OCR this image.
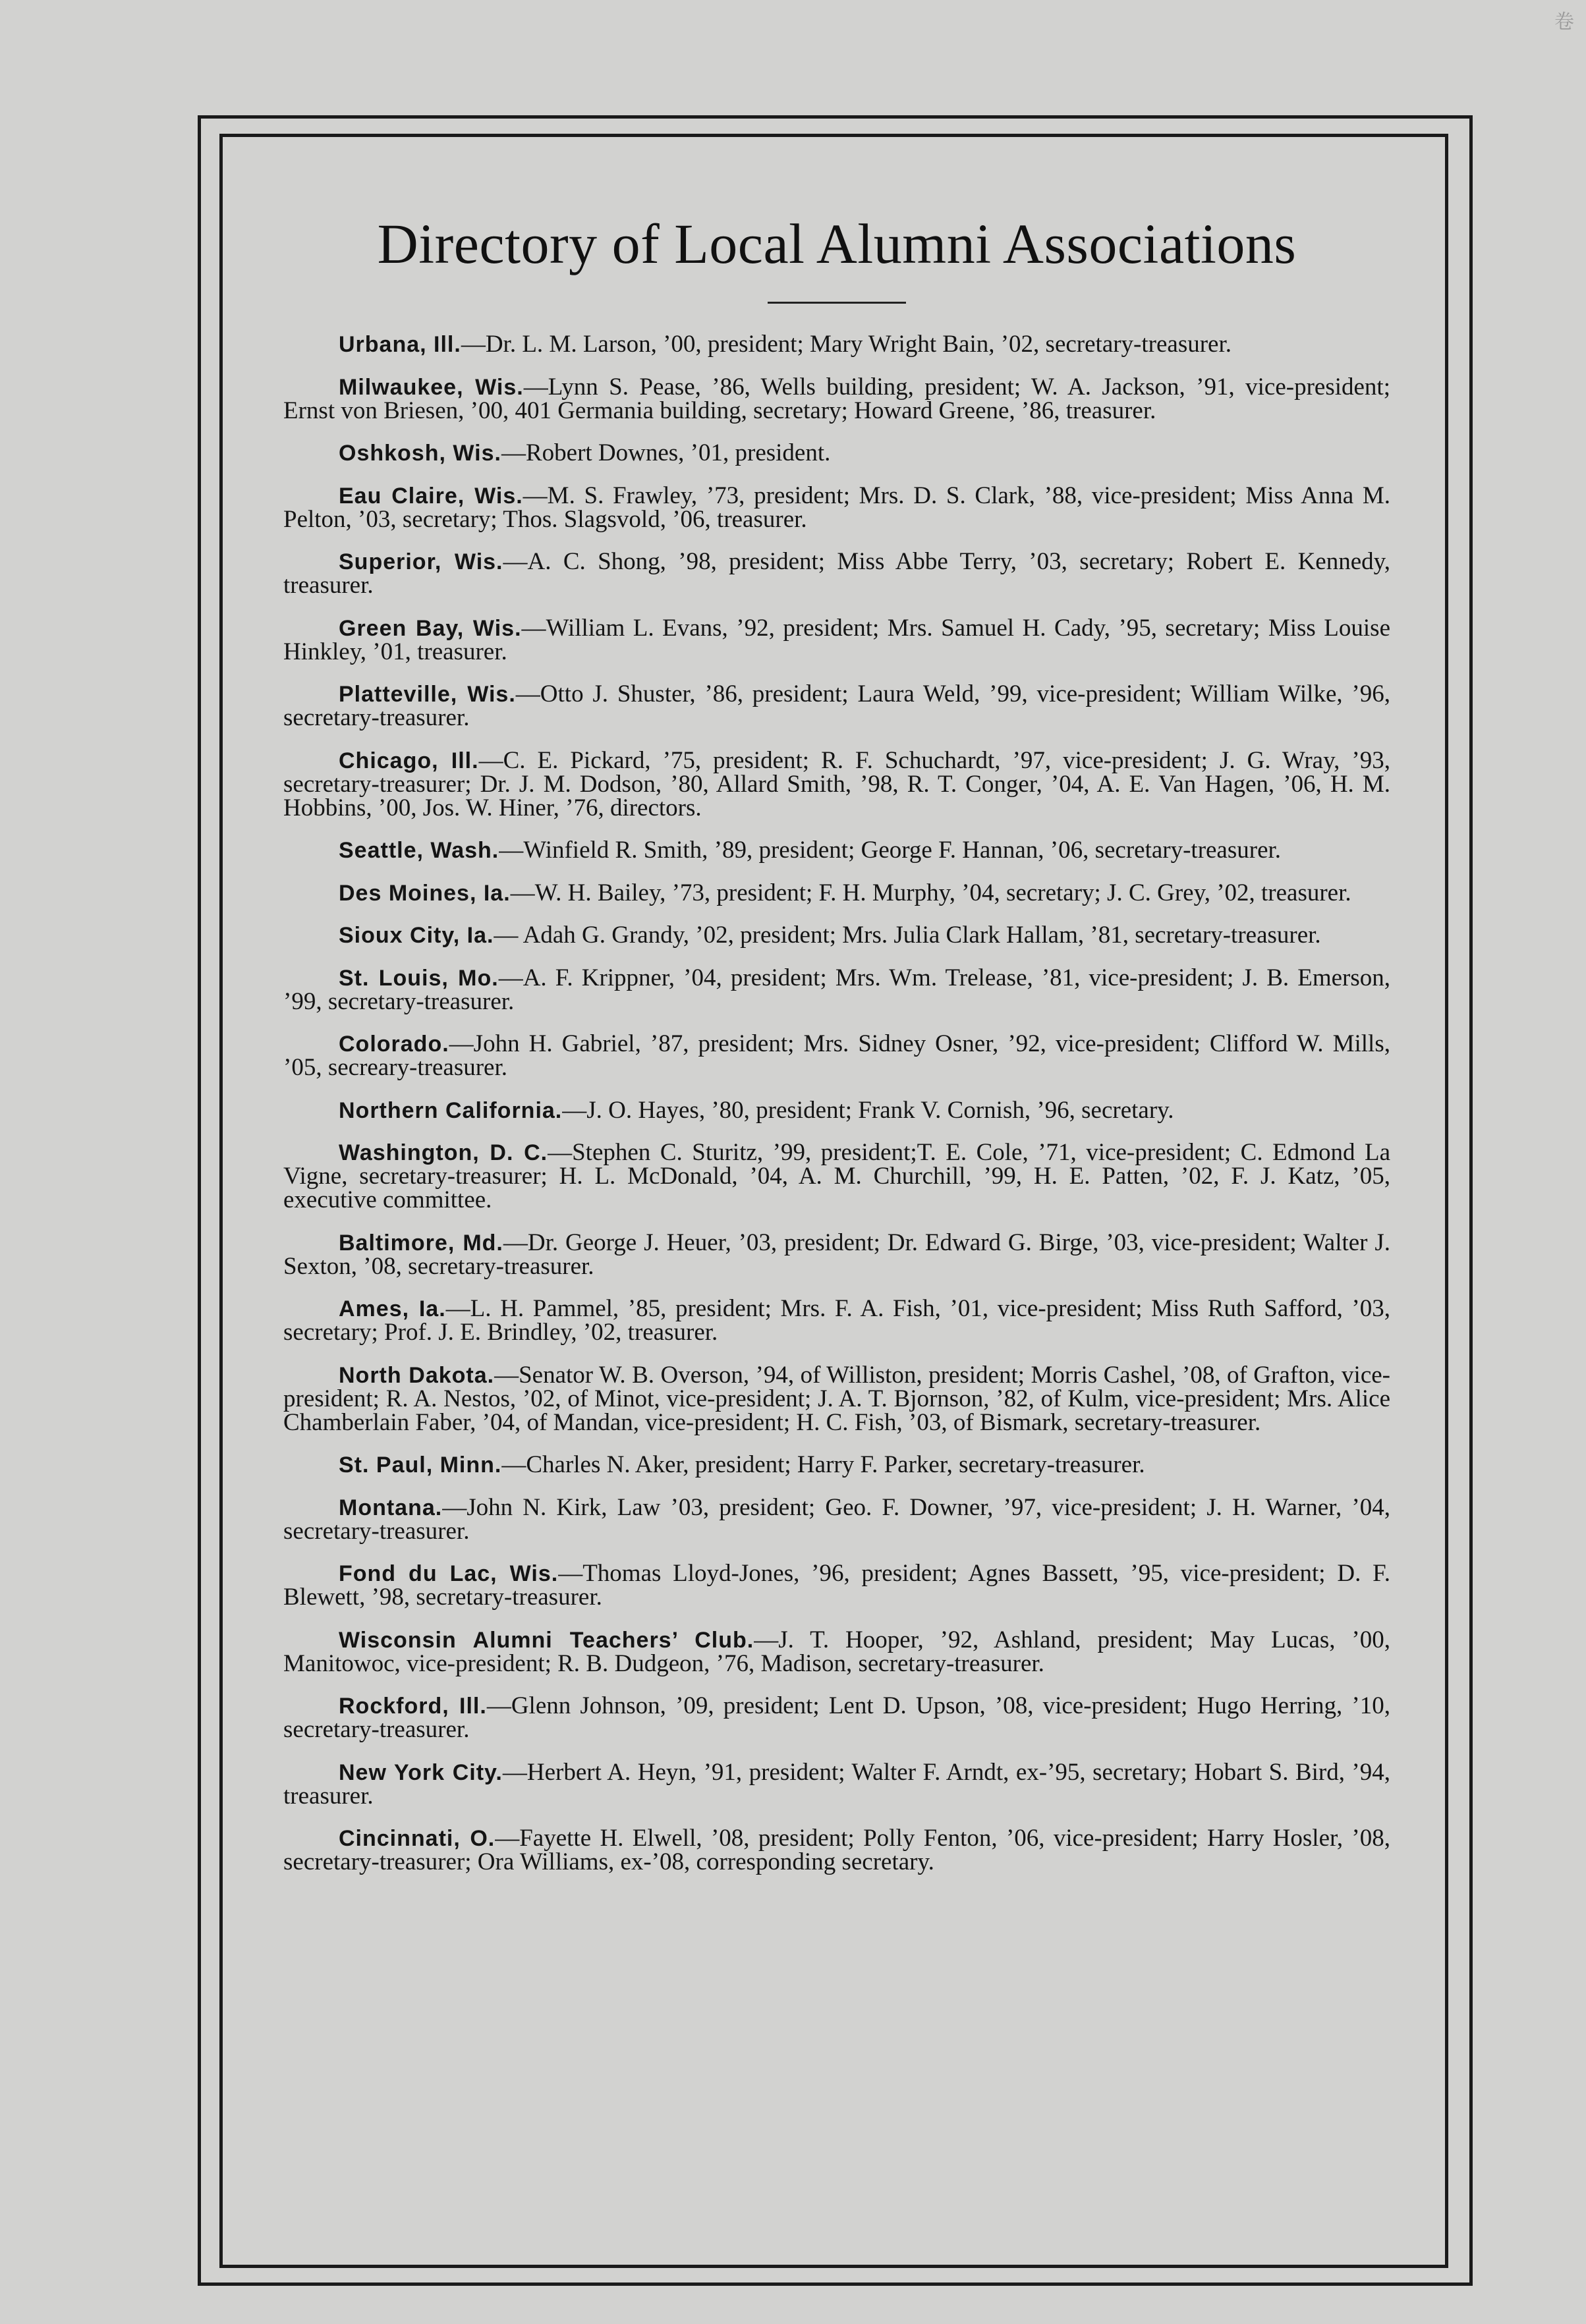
卷
Directory of Local Alumni Associations

Urbana, Ill.—Dr. L. M. Larson, ’00, president; Mary Wright Bain, ’02, secretary-treasurer.

Milwaukee, Wis.—Lynn S. Pease, ’86, Wells building, president; W. A. Jackson, ’91, vice-president; Ernst von Briesen, ’00, 401 Germania building, secretary; Howard Greene, ’86, treasurer.

Oshkosh, Wis.—Robert Downes, ’01, president.

Eau Claire, Wis.—M. S. Frawley, ’73, president; Mrs. D. S. Clark, ’88, vice-president; Miss Anna M. Pelton, ’03, secretary; Thos. Slagsvold, ’06, treasurer.

Superior, Wis.—A. C. Shong, ’98, president; Miss Abbe Terry, ’03, secretary; Robert E. Kennedy, treasurer.

Green Bay, Wis.—William L. Evans, ’92, president; Mrs. Samuel H. Cady, ’95, secretary; Miss Louise Hinkley, ’01, treasurer.

Platteville, Wis.—Otto J. Shuster, ’86, president; Laura Weld, ’99, vice-president; William Wilke, ’96, secretary-treasurer.

Chicago, Ill.—C. E. Pickard, ’75, president; R. F. Schuchardt, ’97, vice-president; J. G. Wray, ’93, secretary-treasurer; Dr. J. M. Dodson, ’80, Allard Smith, ’98, R. T. Conger, ’04, A. E. Van Hagen, ’06, H. M. Hobbins, ’00, Jos. W. Hiner, ’76, directors.

Seattle, Wash.—Winfield R. Smith, ’89, president; George F. Hannan, ’06, secretary-treasurer.

Des Moines, Ia.—W. H. Bailey, ’73, president; F. H. Murphy, ’04, secretary; J. C. Grey, ’02, treasurer.

Sioux City, Ia.— Adah G. Grandy, ’02, president; Mrs. Julia Clark Hallam, ’81, secretary-treasurer.

St. Louis, Mo.—A. F. Krippner, ’04, president; Mrs. Wm. Trelease, ’81, vice-president; J. B. Emerson, ’99, secretary-treasurer.

Colorado.—John H. Gabriel, ’87, president; Mrs. Sidney Osner, ’92, vice-president; Clifford W. Mills, ’05, secreary-treasurer.

Northern California.—J. O. Hayes, ’80, president; Frank V. Cornish, ’96, secretary.

Washington, D. C.—Stephen C. Sturitz, ’99, president;T. E. Cole, ’71, vice-president; C. Edmond La Vigne, secretary-treasurer; H. L. McDonald, ’04, A. M. Churchill, ’99, H. E. Patten, ’02, F. J. Katz, ’05, executive committee.

Baltimore, Md.—Dr. George J. Heuer, ’03, president; Dr. Edward G. Birge, ’03, vice-president; Walter J. Sexton, ’08, secretary-treasurer.

Ames, Ia.—L. H. Pammel, ’85, president; Mrs. F. A. Fish, ’01, vice-president; Miss Ruth Safford, ’03, secretary; Prof. J. E. Brindley, ’02, treasurer.

North Dakota.—Senator W. B. Overson, ’94, of Williston, president; Morris Cashel, ’08, of Grafton, vice-president; R. A. Nestos, ’02, of Minot, vice-president; J. A. T. Bjornson, ’82, of Kulm, vice-president; Mrs. Alice Chamberlain Faber, ’04, of Mandan, vice-president; H. C. Fish, ’03, of Bismark, secretary-treasurer.

St. Paul, Minn.—Charles N. Aker, president; Harry F. Parker, secretary-treasurer.

Montana.—John N. Kirk, Law ’03, president; Geo. F. Downer, ’97, vice-president; J. H. Warner, ’04, secretary-treasurer.

Fond du Lac, Wis.—Thomas Lloyd-Jones, ’96, president; Agnes Bassett, ’95, vice-president; D. F. Blewett, ’98, secretary-treasurer.

Wisconsin Alumni Teachers’ Club.—J. T. Hooper, ’92, Ashland, president; May Lucas, ’00, Manitowoc, vice-president; R. B. Dudgeon, ’76, Madison, secretary-treasurer.

Rockford, Ill.—Glenn Johnson, ’09, president; Lent D. Upson, ’08, vice-president; Hugo Herring, ’10, secretary-treasurer.

New York City.—Herbert A. Heyn, ’91, president; Walter F. Arndt, ex-’95, secretary; Hobart S. Bird, ’94, treasurer.

Cincinnati, O.—Fayette H. Elwell, ’08, president; Polly Fenton, ’06, vice-president; Harry Hosler, ’08, secretary-treasurer; Ora Williams, ex-’08, corresponding secretary.
